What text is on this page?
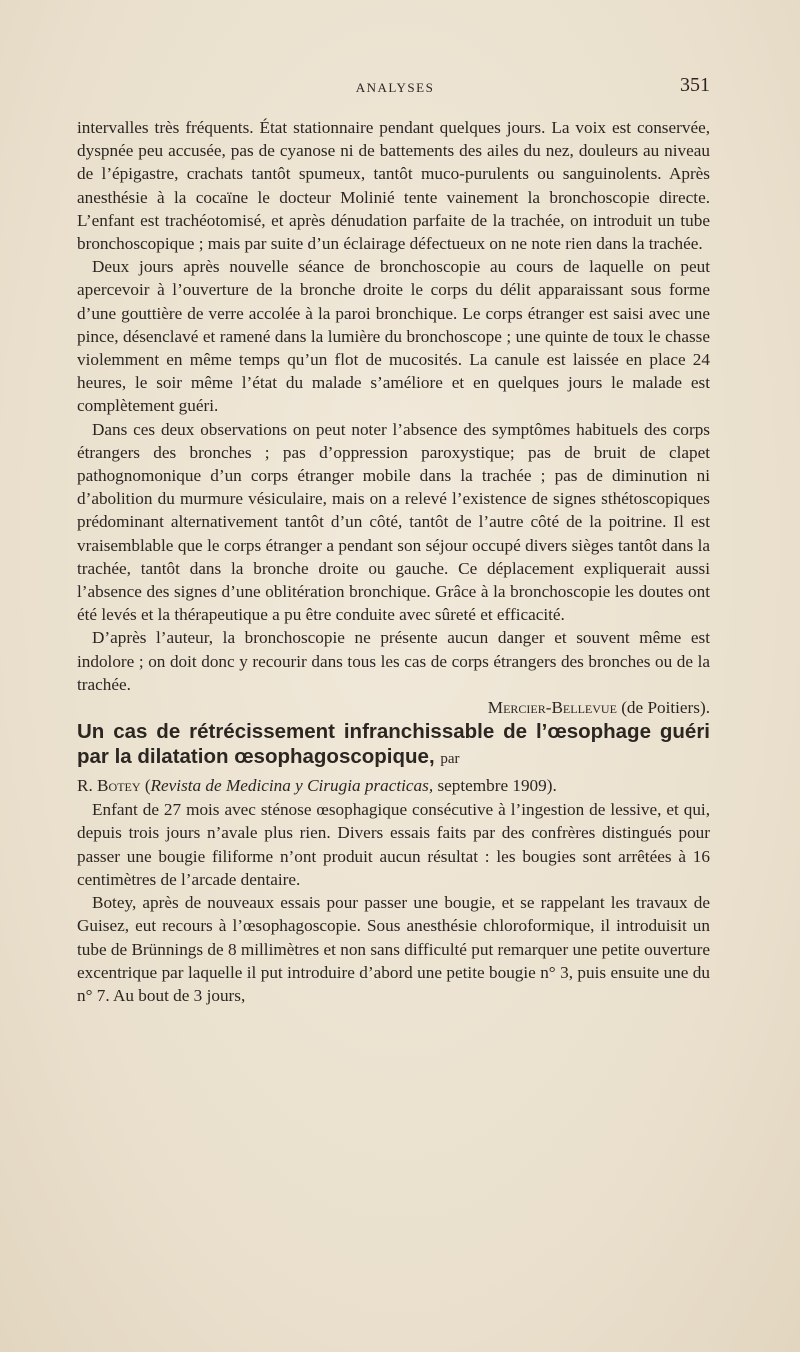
ANALYSES	351

intervalles très fréquents. État stationnaire pendant quelques jours. La voix est conservée, dyspnée peu accusée, pas de cyanose ni de battements des ailes du nez, douleurs au niveau de l’épigastre, crachats tantôt spumeux, tantôt muco-purulents ou sanguinolents. Après anesthésie à la cocaïne le docteur Molinié tente vainement la bronchoscopie directe. L’enfant est trachéotomisé, et après dénudation parfaite de la trachée, on introduit un tube bronchoscopique ; mais par suite d’un éclairage défectueux on ne note rien dans la trachée.

Deux jours après nouvelle séance de bronchoscopie au cours de laquelle on peut apercevoir à l’ouverture de la bronche droite le corps du délit apparaissant sous forme d’une gouttière de verre accolée à la paroi bronchique. Le corps étranger est saisi avec une pince, désenclavé et ramené dans la lumière du bronchoscope ; une quinte de toux le chasse violemment en même temps qu’un flot de mucosités. La canule est laissée en place 24 heures, le soir même l’état du malade s’améliore et en quelques jours le malade est complètement guéri.

Dans ces deux observations on peut noter l’absence des symptômes habituels des corps étrangers des bronches ; pas d’oppression paroxystique; pas de bruit de clapet pathognomonique d’un corps étranger mobile dans la trachée ; pas de diminution ni d’abolition du murmure vésiculaire, mais on a relevé l’existence de signes sthétoscopiques prédominant alternativement tantôt d’un côté, tantôt de l’autre côté de la poitrine. Il est vraisemblable que le corps étranger a pendant son séjour occupé divers sièges tantôt dans la trachée, tantôt dans la bronche droite ou gauche. Ce déplacement expliquerait aussi l’absence des signes d’une oblitération bronchique. Grâce à la bronchoscopie les doutes ont été levés et la thérapeutique a pu être conduite avec sûreté et efficacité.

D’après l’auteur, la bronchoscopie ne présente aucun danger et souvent même est indolore ; on doit donc y recourir dans tous les cas de corps étrangers des bronches ou de la trachée.

Mercier-Bellevue (de Poitiers).

Un cas de rétrécissement infranchissable de l’œsophage guéri par la dilatation œsophagoscopique, par
R. Botey (Revista de Medicina y Cirugia practicas, septembre 1909).

Enfant de 27 mois avec sténose œsophagique consécutive à l’ingestion de lessive, et qui, depuis trois jours n’avale plus rien. Divers essais faits par des confrères distingués pour passer une bougie filiforme n’ont produit aucun résultat : les bougies sont arrêtées à 16 centimètres de l’arcade dentaire.

Botey, après de nouveaux essais pour passer une bougie, et se rappelant les travaux de Guisez, eut recours à l’œsophagoscopie. Sous anesthésie chloroformique, il introduisit un tube de Brünnings de 8 millimètres et non sans difficulté put remarquer une petite ouverture excentrique par laquelle il put introduire d’abord une petite bougie n° 3, puis ensuite une du n° 7. Au bout de 3 jours,
